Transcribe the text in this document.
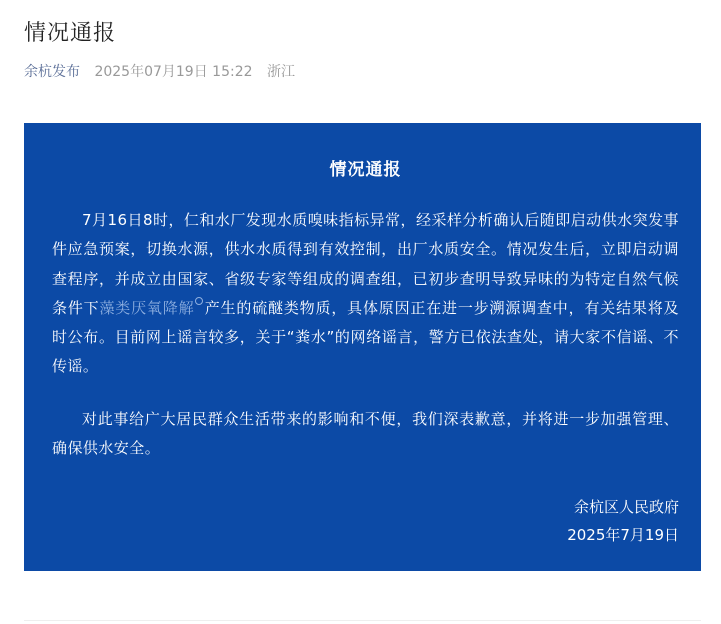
情况通报
余杭发布 2025年07月19日 15:22 浙江
情况通报

7月16日8时，仁和水厂发现水质嗅味指标异常，经采样分析确认后随即启动供水突发事件应急预案，切换水源，供水水质得到有效控制，出厂水质安全。情况发生后，立即启动调查程序，并成立由国家、省级专家等组成的调查组，已初步查明导致异味的为特定自然气候条件下藻类厌氧降解 产生的硫醚类物质，具体原因正在进一步溯源调查中，有关结果将及时公布。目前网上谣言较多，关于“粪水”的网络谣言，警方已依法查处，请大家不信谣、不传谣。

对此事给广大居民群众生活带来的影响和不便，我们深表歉意，并将进一步加强管理、确保供水安全。

余杭区人民政府
2025年7月19日
